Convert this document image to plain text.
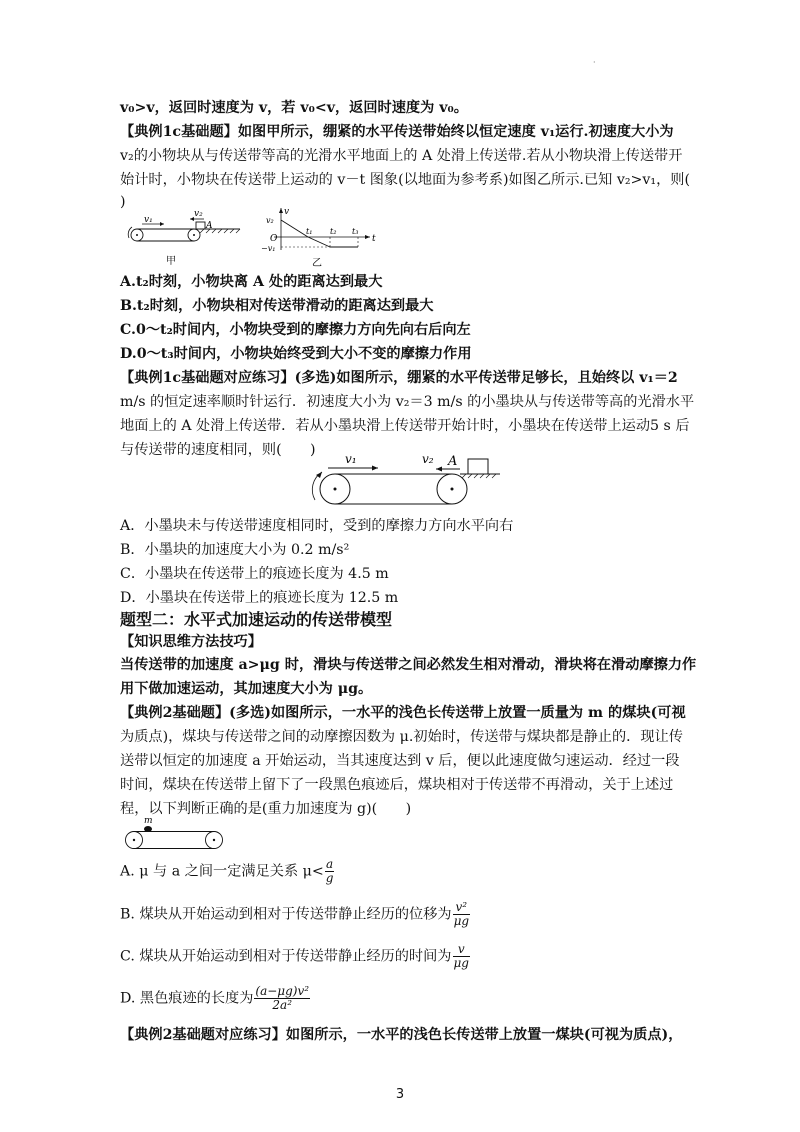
·
v₀>v，返回时速度为 v，若 v₀<v，返回时速度为 v₀。
【典例1c基础题】如图甲所示，绷紧的水平传送带始终以恒定速度 v₁运行.初速度大小为
v₂的小物块从与传送带等高的光滑水平地面上的 A 处滑上传送带.若从小物块滑上传送带开
始计时，小物块在传送带上运动的 v－t 图象(以地面为参考系)如图乙所示.已知 v₂>v₁，则(
)
v₁
v₂
A
甲
v
t
v₂
O
−v₁
t₁ t₂ t₃
乙
A.t₂时刻，小物块离 A 处的距离达到最大
B.t₂时刻，小物块相对传送带滑动的距离达到最大
C.0～t₂时间内，小物块受到的摩擦力方向先向右后向左
D.0～t₃时间内，小物块始终受到大小不变的摩擦力作用
【典例1c基础题对应练习】(多选)如图所示，绷紧的水平传送带足够长，且始终以 v₁＝2
m/s 的恒定速率顺时针运行．初速度大小为 v₂＝3 m/s 的小墨块从与传送带等高的光滑水平
地面上的 A 处滑上传送带．若从小墨块滑上传送带开始计时，小墨块在传送带上运动5 s 后
与传送带的速度相同，则(　　)
v₁	v₂ A
A．小墨块未与传送带速度相同时，受到的摩擦力方向水平向右
B．小墨块的加速度大小为 0.2 m/s²
C．小墨块在传送带上的痕迹长度为 4.5 m
D．小墨块在传送带上的痕迹长度为 12.5 m
题型二：水平式加速运动的传送带模型
【知识思维方法技巧】
当传送带的加速度 a>μg 时，滑块与传送带之间必然发生相对滑动，滑块将在滑动摩擦力作
用下做加速运动，其加速度大小为 μg。
【典例2基础题】(多选)如图所示，一水平的浅色长传送带上放置一质量为 m 的煤块(可视
为质点)，煤块与传送带之间的动摩擦因数为 μ.初始时，传送带与煤块都是静止的．现让传
送带以恒定的加速度 a 开始运动，当其速度达到 v 后，便以此速度做匀速运动．经过一段
时间，煤块在传送带上留下了一段黑色痕迹后，煤块相对于传送带不再滑动，关于上述过
程，以下判断正确的是(重力加速度为 g)(　　)
m
A. μ 与 a 之间一定满足关系 $\mu< \frac{a}{g}$
B. 煤块从开始运动到相对于传送带静止经历的位移为 $\frac{\text{v²}}{\mu g}$
C. 煤块从开始运动到相对于传送带静止经历的时间为 $\frac{v}{\mu g}$
D. 黑色痕迹的长度为 $\frac{\text{(a−μg)v²}}{\text{2a²}}$
【典例2基础题对应练习】如图所示，一水平的浅色长传送带上放置一煤块(可视为质点)，
3
